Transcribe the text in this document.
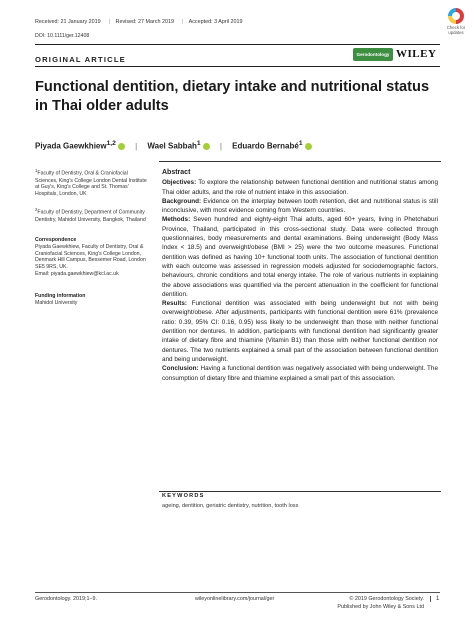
Received: 21 January 2019 | Revised: 27 March 2019 | Accepted: 3 April 2019
DOI: 10.1111/ger.12408
Check for updates
ORIGINAL ARTICLE
Gerodontology WILEY
Functional dentition, dietary intake and nutritional status in Thai older adults
Piyada Gaewkhiew$^{1,2}$ | Wael Sabbah$^1$ | Eduardo Bernabé$^1$
$^1$Faculty of Dentistry, Oral & Craniofacial Sciences, King's College London Dental Institute at Guy's, King's College and St. Thomas' Hospitals, London, UK
$^2$Faculty of Dentistry, Department of Community Dentistry, Mahidol University, Bangkok, Thailand
Correspondence
Piyada Gaewkhiew, Faculty of Dentistry, Oral & Craniofacial Sciences, King's College London, Denmark Hill Campus, Bessemer Road, London SE5 9RS, UK.
Email: piyada.gaewkhiew@kcl.ac.uk
Funding information
Mahidol University
Abstract

Objectives: To explore the relationship between functional dentition and nutritional status among Thai older adults, and the role of nutrient intake in this association.

Background: Evidence on the interplay between tooth retention, diet and nutritional status is still inconclusive, with most evidence coming from Western countries.

Methods: Seven hundred and eighty-eight Thai adults, aged 60+ years, living in Phetchaburi Province, Thailand, participated in this cross-sectional study. Data were collected through questionnaires, body measurements and dental examinations. Being underweight (Body Mass Index < 18.5) and overweight/obese (BMI > 25) were the two outcome measures. Functional dentition was defined as having 10+ functional tooth units. The association of functional dentition with each outcome was assessed in regression models adjusted for sociodemographic factors, behaviours, chronic conditions and total energy intake. The role of various nutrients in explaining the above associations was quantified via the percent attenuation in the coefficient for functional dentition.

Results: Functional dentition was associated with being underweight but not with being overweight/obese. After adjustments, participants with functional dentition were 61% (prevalence ratio: 0.39, 95% CI: 0.16, 0.95) less likely to be underweight than those with neither functional dentition nor dentures. In addition, participants with functional dentition had significantly greater intake of dietary fibre and thiamine (Vitamin B1) than those with neither functional dentition nor dentures. The two nutrients explained a small part of the association between functional dentition and being underweight.

Conclusion: Having a functional dentition was negatively associated with being underweight. The consumption of dietary fibre and thiamine explained a small part of this association.

KEYWORDS
ageing, dentition, geriatric dentistry, nutrition, tooth loss
Gerodontology. 2019;1–9.	wileyonlinelibrary.com/journal/ger	© 2019 Gerodontology Society.
Published by John Wiley & Sons Ltd
1
